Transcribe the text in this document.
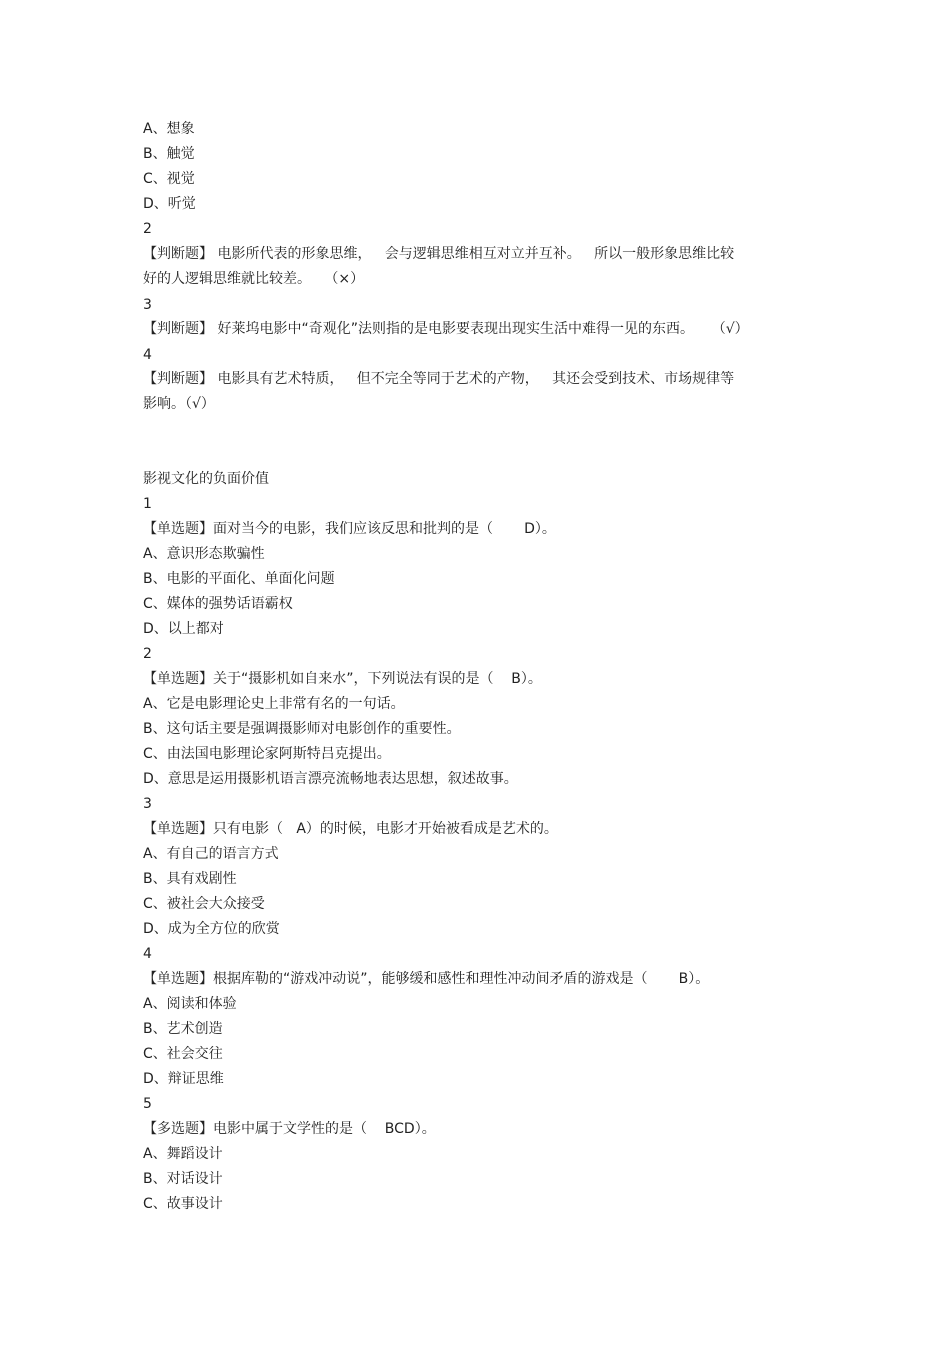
A、想象

B、触觉

C、视觉

D、听觉

2

【判断题】 电影所代表的形象思维，   会与逻辑思维相互对立并互补。   所以一般形象思维比较

好的人逻辑思维就比较差。   （×）

3

【判断题】 好莱坞电影中“奇观化”法则指的是电影要表现出现实生活中难得一见的东西。    （√）

4

【判断题】 电影具有艺术特质，   但不完全等同于艺术的产物，   其还会受到技术、市场规律等

影响。（√）

影视文化的负面价值

1

【单选题】面对当今的电影，我们应该反思和批判的是（       D）。

A、意识形态欺骗性

B、电影的平面化、单面化问题

C、媒体的强势话语霸权

D、以上都对

2

【单选题】关于“摄影机如自来水”，下列说法有误的是（    B）。

A、它是电影理论史上非常有名的一句话。

B、这句话主要是强调摄影师对电影创作的重要性。

C、由法国电影理论家阿斯特吕克提出。

D、意思是运用摄影机语言漂亮流畅地表达思想，叙述故事。

3

【单选题】只有电影（   A）的时候，电影才开始被看成是艺术的。

A、有自己的语言方式

B、具有戏剧性

C、被社会大众接受

D、成为全方位的欣赏

4

【单选题】根据库勒的“游戏冲动说”，能够缓和感性和理性冲动间矛盾的游戏是（       B）。

A、阅读和体验

B、艺术创造

C、社会交往

D、辩证思维

5

【多选题】电影中属于文学性的是（    BCD）。

A、舞蹈设计

B、对话设计

C、故事设计
